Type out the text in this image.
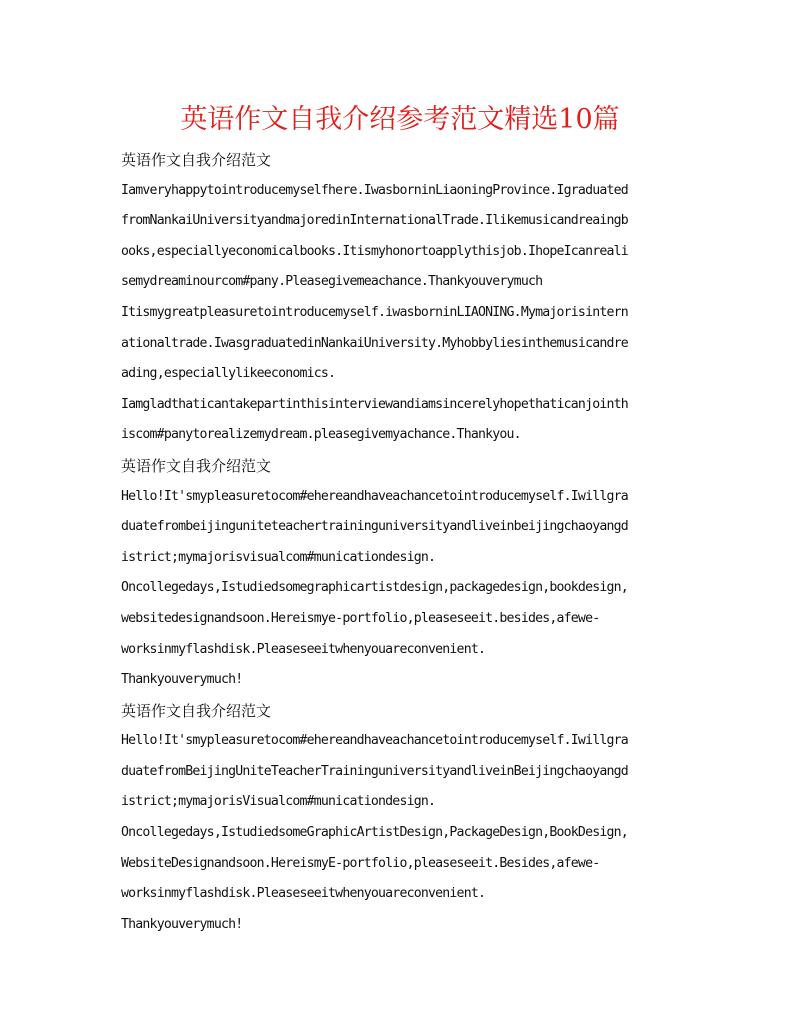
英语作文自我介绍参考范文精选10篇
英语作文自我介绍范文
Iamveryhappytointroducemyselfhere.IwasborninLiaoningProvince.Igraduated
fromNankaiUniversityandmajoredinInternationalTrade.Ilikemusicandreaingb
ooks,especiallyeconomicalbooks.Itismyhonortoapplythisjob.IhopeIcanreali
semydreaminourcom#pany.Pleasegivemeachance.Thankyouverymuch
Itismygreatpleasuretointroducemyself.iwasborninLIAONING.Mymajorisintern
ationaltrade.IwasgraduatedinNankaiUniversity.Myhobbyliesinthemusicandre
ading,especiallylikeeconomics.
Iamgladthaticantakepartinthisinterviewandiamsincerelyhopethaticanjointh
iscom#panytorealizemydream.pleasegivemyachance.Thankyou.
英语作文自我介绍范文
Hello!It'smypleasuretocom#ehereandhaveachancetointroducemyself.Iwillgra
duatefrombeijinguniteteachertraininguniversityandliveinbeijingchaoyangd
istrict;mymajorisvisualcom#municationdesign.
Oncollegedays,Istudiedsomegraphicartistdesign,packagedesign,bookdesign,
websitedesignandsoon.Hereismye-portfolio,pleaseseeit.besides,afewe-
worksinmyflashdisk.Pleaseseeitwhenyouareconvenient.
Thankyouverymuch!
英语作文自我介绍范文
Hello!It'smypleasuretocom#ehereandhaveachancetointroducemyself.Iwillgra
duatefromBeijingUniteTeacherTraininguniversityandliveinBeijingchaoyangd
istrict;mymajorisVisualcom#municationdesign.
Oncollegedays,IstudiedsomeGraphicArtistDesign,PackageDesign,BookDesign,
WebsiteDesignandsoon.HereismyE-portfolio,pleaseseeit.Besides,afewe-
worksinmyflashdisk.Pleaseseeitwhenyouareconvenient.
Thankyouverymuch!
